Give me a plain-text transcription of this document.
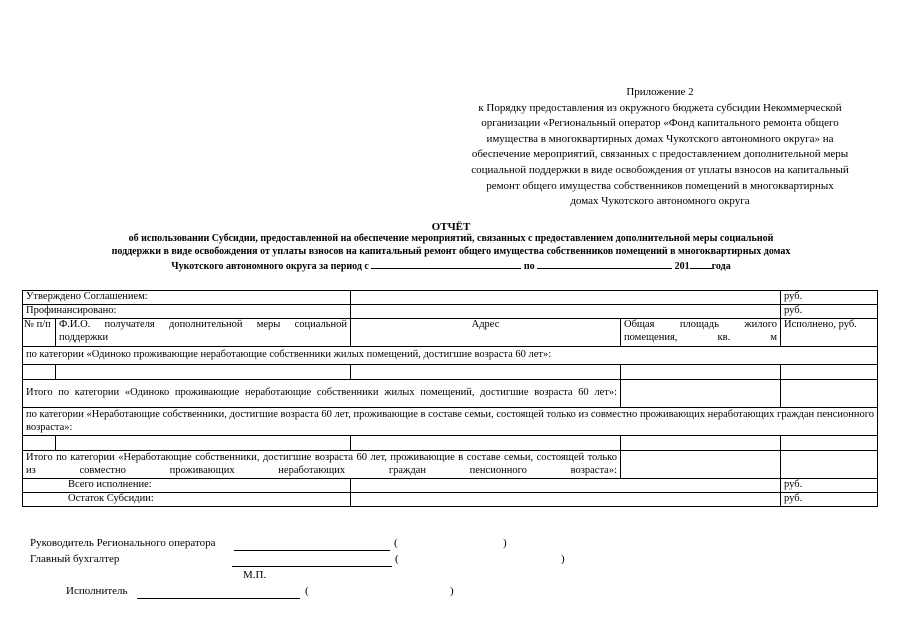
Приложение 2
к Порядку предоставления из окружного бюджета субсидии Некоммерческой
организации «Региональный оператор «Фонд капитального ремонта общего
имущества в многоквартирных домах Чукотского автономного округа» на
обеспечение мероприятий, связанных с предоставлением дополнительной меры
социальной поддержки в виде освобождения от уплаты взносов на капитальный
ремонт общего имущества собственников помещений в многоквартирных
домах Чукотского автономного округа
ОТЧЁТ
об использовании Субсидии, предоставленной на обеспечение мероприятий, связанных с предоставлением дополнительной меры социальной
поддержки в виде освобождения от уплаты взносов на капитальный ремонт общего имущества собственников помещений в многоквартирных домах
Чукотского автономного округа за период с	по	201 года
Утверждено Соглашением:				руб.
Профинансировано:				руб.
№ п/п	Ф.И.О. получателя дополнительной меры социальной поддержки	Адрес	Общая площадь жилого помещения, кв. м	Исполнено, руб.
по категории «Одиноко проживающие неработающие собственники жилых помещений, достигшие возраста 60 лет»:				

Итого по категории «Одиноко проживающие неработающие собственники жилых помещений, достигшие возраста 60 лет»:				
по категории «Неработающие собственники, достигшие возраста 60 лет, проживающие в составе семьи, состоящей только из совместно проживающих неработающих граждан пенсионного возраста»:				

Итого по категории «Неработающие собственники, достигшие возраста 60 лет, проживающие в составе семьи, состоящей только из совместно проживающих неработающих граждан пенсионного возраста»:				
Всего исполнение:				руб.
Остаток Субсидии:				руб.
Руководитель Регионального оператора	(	)
Главный бухгалтер	(	)
М.П.
Исполнитель	(	)
